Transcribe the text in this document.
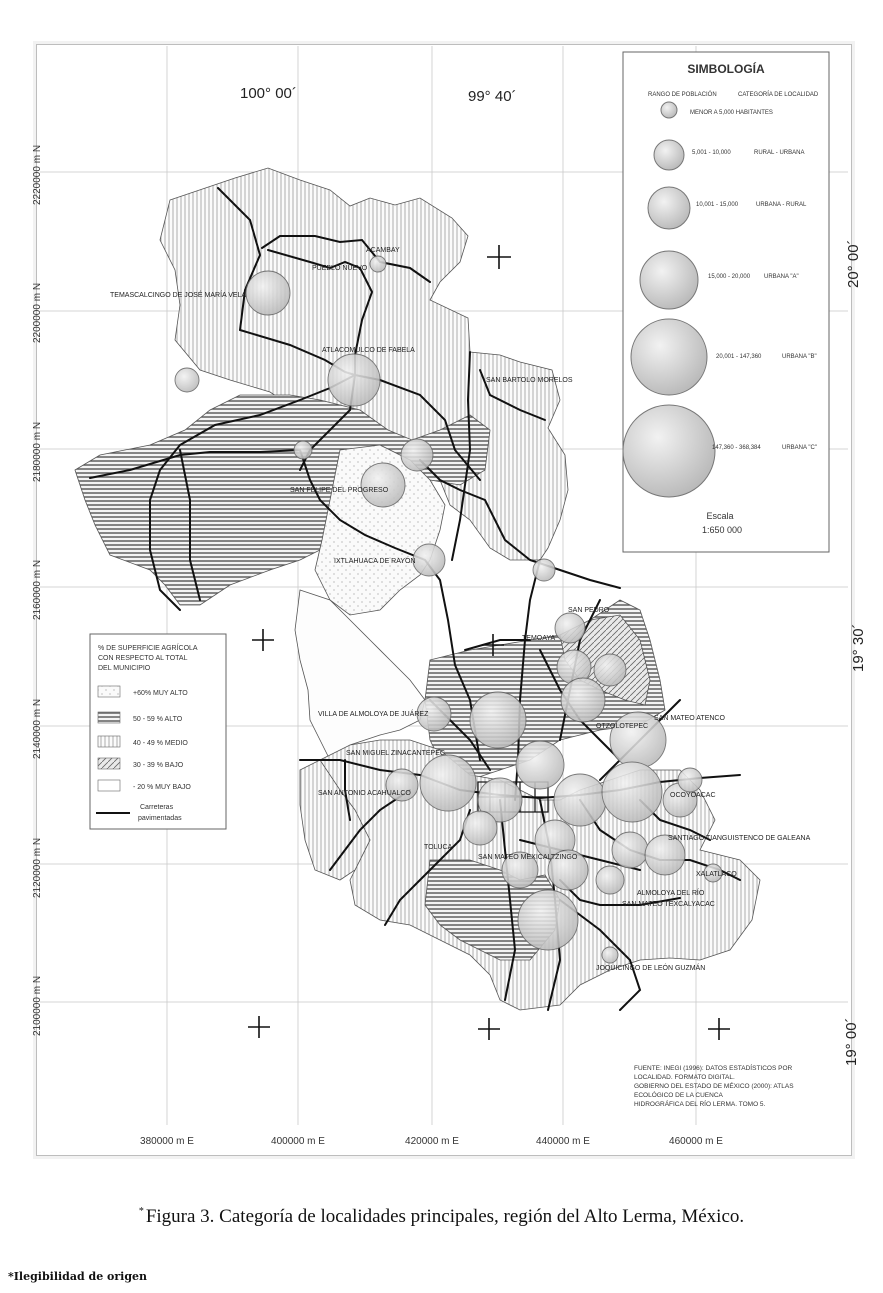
100° 00´	99° 40´
20° 00´
19° 30´
19° 00´
2220000 m N
2200000 m N
2180000 m N
2160000 m N
2140000 m N
2120000 m N
2100000 m N
380000 m E	400000 m E	420000 m E	440000 m E	460000 m E
ACAMBAY
PUEBLO NUEVO
TEMASCALCINGO DE JOSÉ MARÍA VELA
ATLACOMULCO DE FABELA
SAN BARTOLO MORELOS
IXTLAHUACA DE RAYÓN
SAN PEDRO
TEMOAYA
VILLA DE ALMOLOYA DE JUÁREZ
SAN MIGUEL ZINACANTEPEC
SAN ANTONIO ACAHUALCO
SAN MATEO ATENCO
SANTIAGO TIANGUISTENCO DE GALEANA
TOLUCA
SAN MATEO MEXICALTZINGO
ALMOLOYA DEL RÍO
SAN MATEO TEXCALYACAC
JOQUICINGO DE LEÓN GUZMÁN
SAN FELIPE DEL PROGRESO
OCOYOACAC
OTZOLOTEPEC
XALATLACO
SIMBOLOGÍA
RANGO DE POBLACIÓN	CATEGORÍA DE LOCALIDAD
MENOR A 5,000 HABITANTES
5,001 - 10,000	RURAL - URBANA
10,001 - 15,000	URBANA - RURAL
15,000 - 20,000 URBANA "A"
20,001 - 147,360	URBANA "B"
147,360 - 368,384	URBANA "C"
Escala
1:650 000
% DE SUPERFICIE AGRÍCOLA
CON RESPECTO AL TOTAL
DEL MUNICIPIO
+60% MUY ALTO
50 - 59 % ALTO
40 - 49 % MEDIO
30 - 39 % BAJO
- 20 % MUY BAJO
Carreteras
pavimentadas
FUENTE: INEGI (1996): DATOS ESTADÍSTICOS POR
LOCALIDAD. FORMATO DIGITAL.
GOBIERNO DEL ESTADO DE MÉXICO (2000): ATLAS
ECOLÓGICO DE LA CUENCA
HIDROGRÁFICA DEL RÍO LERMA. TOMO 5.
* Figura 3. Categoría de localidades principales, región del Alto Lerma, México.
*Ilegibilidad de origen
